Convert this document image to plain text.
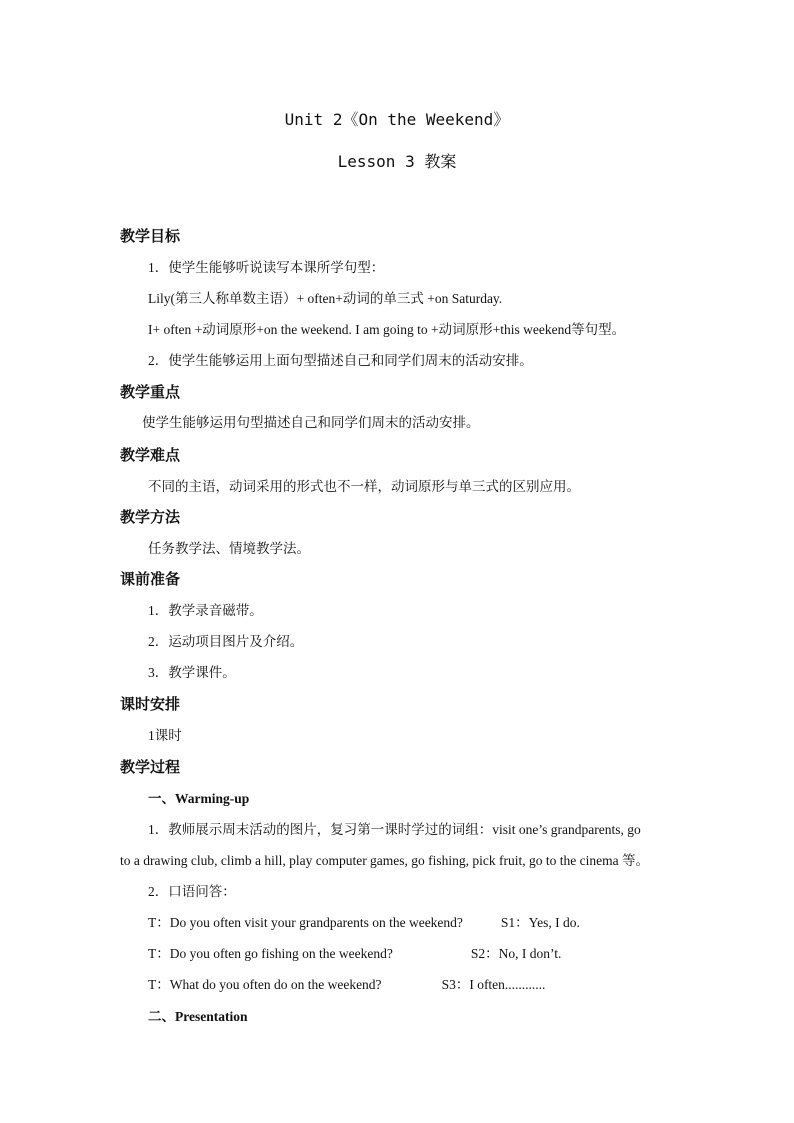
Unit 2《On the Weekend》
Lesson 3 教案
教学目标
1．使学生能够听说读写本课所学句型：
Lily(第三人称单数主语）+ often+动词的单三式 +on Saturday.
I+ often +动词原形+on the weekend. I am going to +动词原形+this weekend等句型。
2．使学生能够运用上面句型描述自己和同学们周末的活动安排。
教学重点
使学生能够运用句型描述自己和同学们周末的活动安排。
教学难点
不同的主语，动词采用的形式也不一样，动词原形与单三式的区别应用。
教学方法
任务教学法、情境教学法。
课前准备
1．教学录音磁带。
2．运动项目图片及介绍。
3．教学课件。
课时安排
1课时
教学过程
一、Warming-up
1．教师展示周末活动的图片，复习第一课时学过的词组：visit one’s grandparents, go
to a drawing club, climb a hill, play computer games, go fishing, pick fruit, go to the cinema 等。
2．口语问答：
T：Do you often visit your grandparents on the weekend?	S1：Yes, I do.
T：Do you often go fishing on the weekend?	S2：No, I don’t.
T：What do you often do on the weekend?	S3：I often............
二、Presentation
